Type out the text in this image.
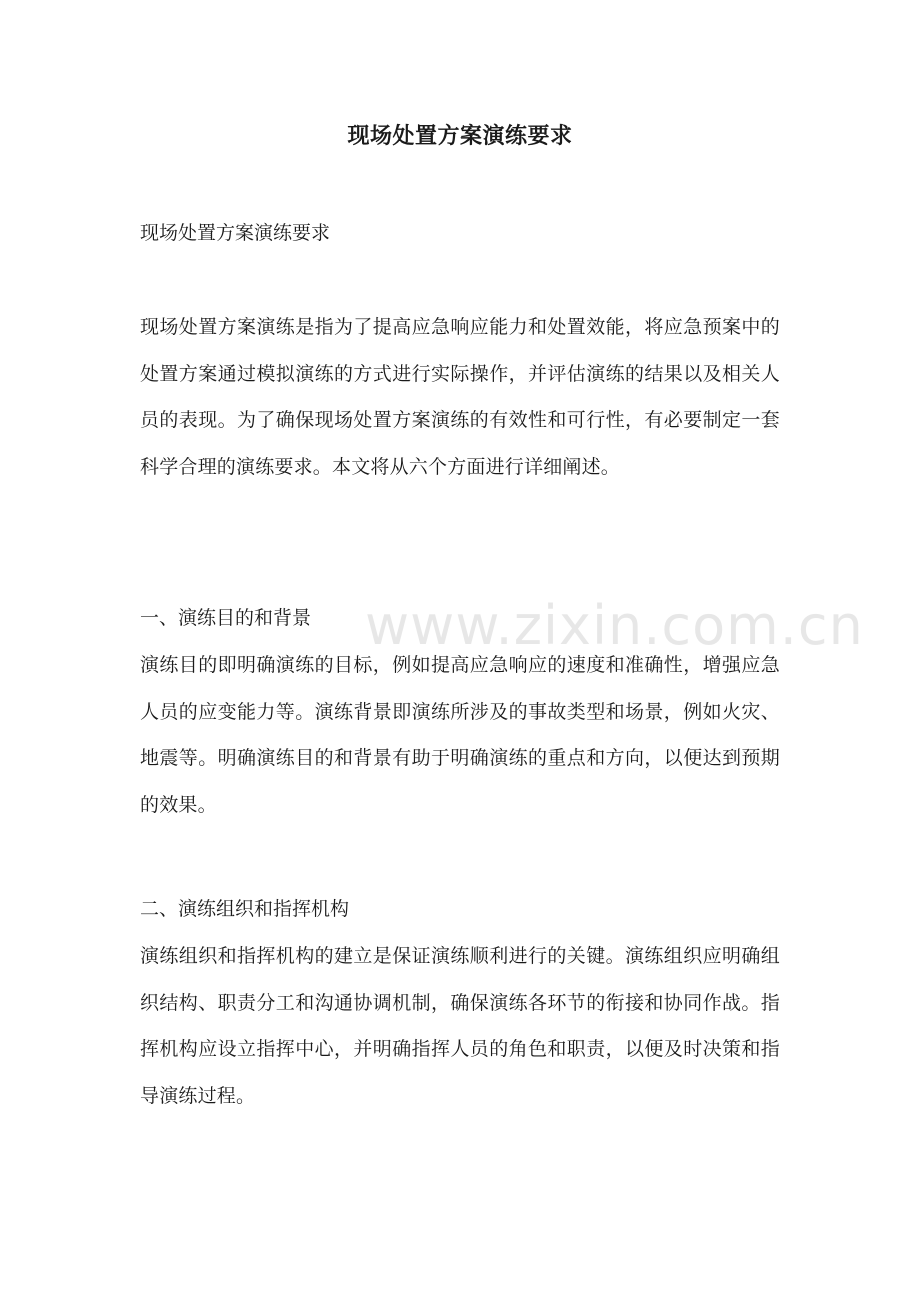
现场处置方案演练要求
现场处置方案演练要求

现场处置方案演练是指为了提高应急响应能力和处置效能，将应急预案中的处置方案通过模拟演练的方式进行实际操作，并评估演练的结果以及相关人员的表现。为了确保现场处置方案演练的有效性和可行性，有必要制定一套科学合理的演练要求。本文将从六个方面进行详细阐述。

一、演练目的和背景

演练目的即明确演练的目标，例如提高应急响应的速度和准确性，增强应急人员的应变能力等。演练背景即演练所涉及的事故类型和场景，例如火灾、地震等。明确演练目的和背景有助于明确演练的重点和方向，以便达到预期的效果。

二、演练组织和指挥机构

演练组织和指挥机构的建立是保证演练顺利进行的关键。演练组织应明确组织结构、职责分工和沟通协调机制，确保演练各环节的衔接和协同作战。指挥机构应设立指挥中心，并明确指挥人员的角色和职责，以便及时决策和指导演练过程。

www.zixin.com.cn
